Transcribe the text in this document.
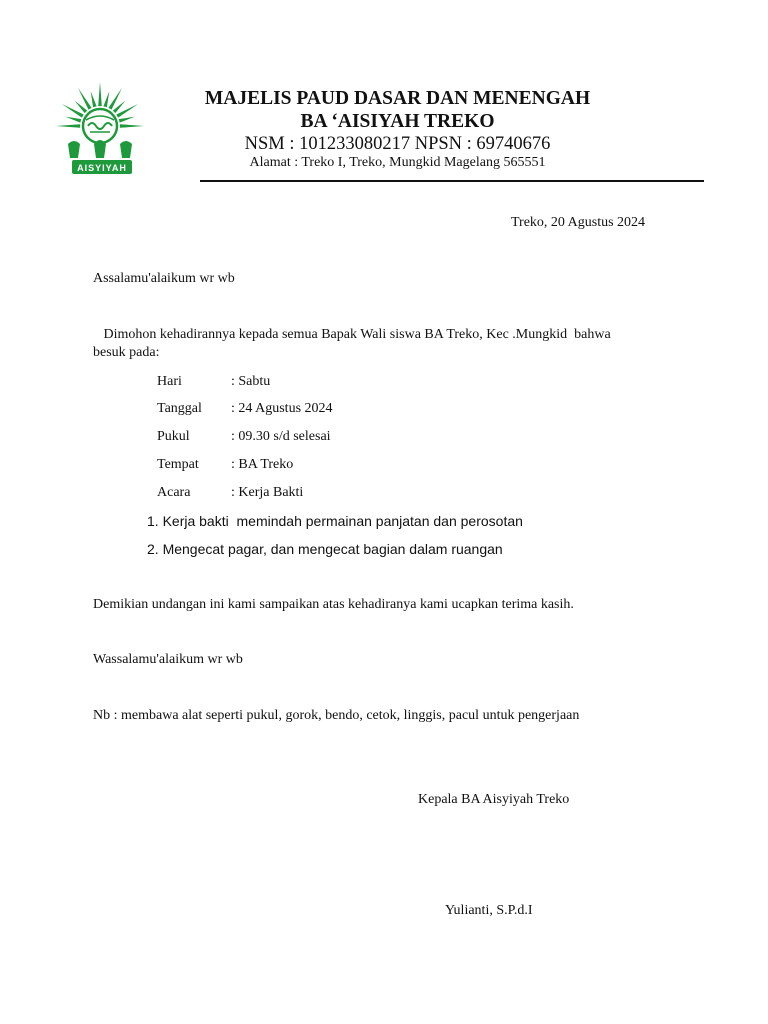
AISYIYAH
MAJELIS PAUD DASAR DAN MENENGAH
BA ‘AISIYAH TREKO
NSM : 101233080217 NPSN : 69740676
Alamat : Treko I, Treko, Mungkid Magelang 565551
Treko, 20 Agustus 2024
Assalamu'alaikum wr wb
Dimohon kehadirannya kepada semua Bapak Wali siswa BA Treko, Kec .Mungkid  bahwa
besuk pada:
Hari	: Sabtu
Tanggal : 24 Agustus 2024
Pukul	: 09.30 s/d selesai
Tempat : BA Treko
Acara	: Kerja Bakti
1. Kerja bakti  memindah permainan panjatan dan perosotan
2. Mengecat pagar, dan mengecat bagian dalam ruangan
Demikian undangan ini kami sampaikan atas kehadiranya kami ucapkan terima kasih.
Wassalamu'alaikum wr wb
Nb : membawa alat seperti pukul, gorok, bendo, cetok, linggis, pacul untuk pengerjaan
Kepala BA Aisyiyah Treko
Yulianti, S.P.d.I
